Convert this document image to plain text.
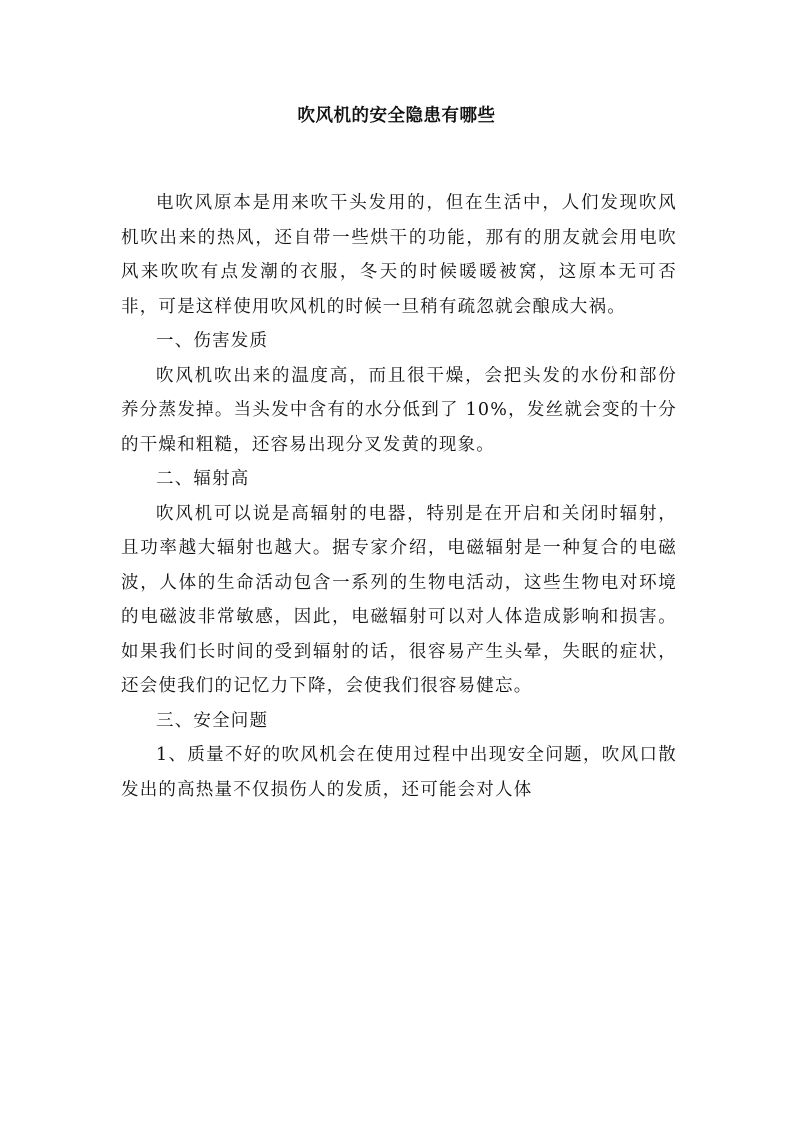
吹风机的安全隐患有哪些

电吹风原本是用来吹干头发用的，但在生活中，人们发现吹风机吹出来的热风，还自带一些烘干的功能，那有的朋友就会用电吹风来吹吹有点发潮的衣服，冬天的时候暖暖被窝，这原本无可否非，可是这样使用吹风机的时候一旦稍有疏忽就会酿成大祸。

一、伤害发质

吹风机吹出来的温度高，而且很干燥，会把头发的水份和部份养分蒸发掉。当头发中含有的水分低到了 10%，发丝就会变的十分的干燥和粗糙，还容易出现分叉发黄的现象。

二、辐射高

吹风机可以说是高辐射的电器，特别是在开启和关闭时辐射，且功率越大辐射也越大。据专家介绍，电磁辐射是一种复合的电磁波，人体的生命活动包含一系列的生物电活动，这些生物电对环境的电磁波非常敏感，因此，电磁辐射可以对人体造成影响和损害。如果我们长时间的受到辐射的话，很容易产生头晕，失眠的症状，还会使我们的记忆力下降，会使我们很容易健忘。

三、安全问题

1、质量不好的吹风机会在使用过程中出现安全问题，吹风口散发出的高热量不仅损伤人的发质，还可能会对人体
